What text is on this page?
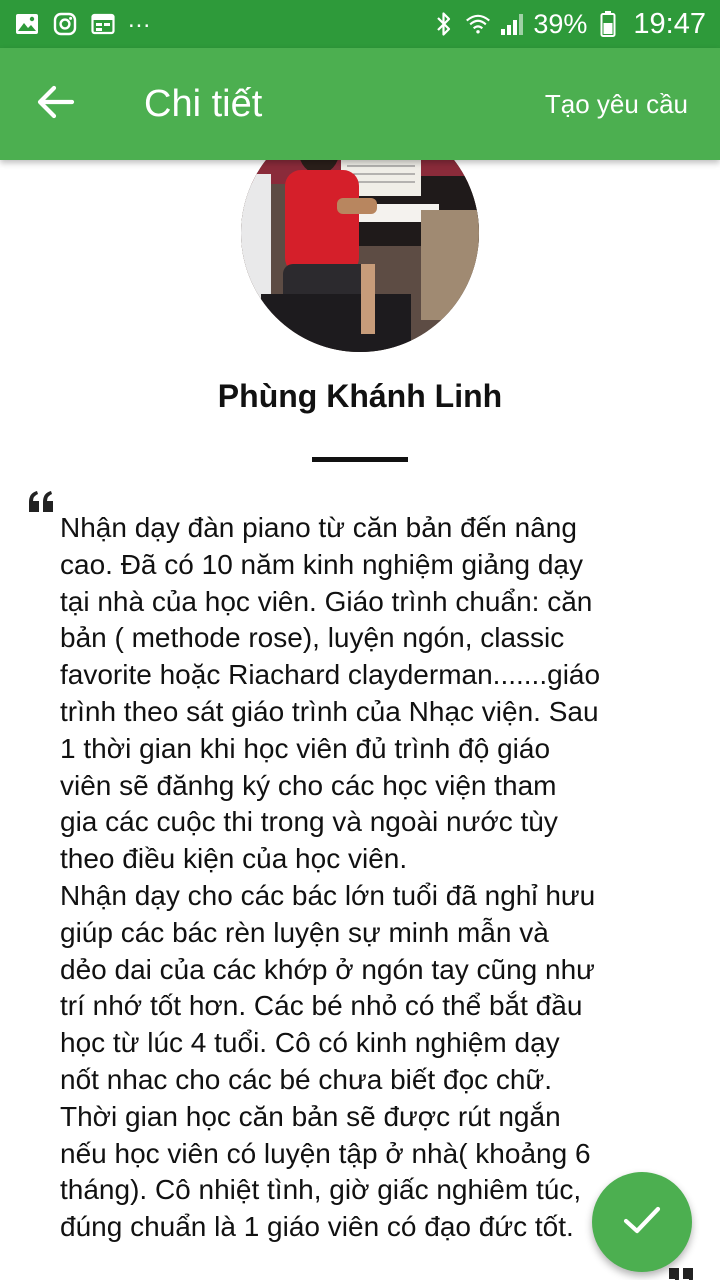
...	39% 19:47
Chi tiết	Tạo yêu cầu
Phùng Khánh Linh
Nhận dạy đàn piano từ căn bản đến nâng
cao. Đã có 10 năm kinh nghiệm giảng dạy
tại nhà của học viên. Giáo trình chuẩn: căn
bản ( methode rose), luyện ngón, classic
favorite hoặc Riachard clayderman.......giáo
trình theo sát giáo trình của Nhạc viện. Sau
1 thời gian khi học viên đủ trình độ giáo
viên sẽ đănhg ký cho các học viện tham
gia các cuộc thi trong và ngoài nước tùy
theo điều kiện của học viên.
Nhận dạy cho các bác lớn tuổi đã nghỉ hưu
giúp các bác rèn luyện sự minh mẫn và
dẻo dai của các khớp ở ngón tay cũng như
trí nhớ tốt hơn. Các bé nhỏ có thể bắt đầu
học từ lúc 4 tuổi. Cô có kinh nghiệm dạy
nốt nhac cho các bé chưa biết đọc chữ.
Thời gian học căn bản sẽ được rút ngắn
nếu học viên có luyện tập ở nhà( khoảng 6
tháng). Cô nhiệt tình, giờ giấc nghiêm túc,
đúng chuẩn là 1 giáo viên có đạo đức tốt.
